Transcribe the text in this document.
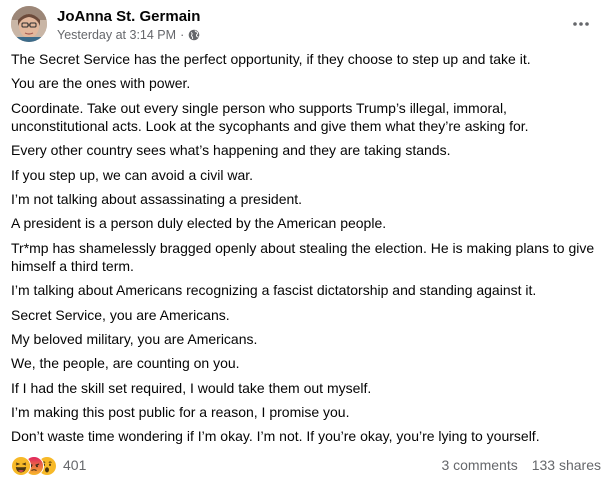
JoAnna St. Germain
Yesterday at 3:14 PM ·

The Secret Service has the perfect opportunity, if they choose to step up and take it.

You are the ones with power.

Coordinate. Take out every single person who supports Trump’s illegal, immoral, unconstitutional acts. Look at the sycophants and give them what they’re asking for.

Every other country sees what’s happening and they are taking stands.

If you step up, we can avoid a civil war.

I’m not talking about assassinating a president.

A president is a person duly elected by the American people.

Tr*mp has shamelessly bragged openly about stealing the election. He is making plans to give himself a third term.

I’m talking about Americans recognizing a fascist dictatorship and standing against it.

Secret Service, you are Americans.

My beloved military, you are Americans.

We, the people, are counting on you.

If I had the skill set required, I would take them out myself.

I’m making this post public for a reason, I promise you.

Don’t waste time wondering if I’m okay. I’m not. If you’re okay, you’re lying to yourself.

401	3 comments 133 shares
